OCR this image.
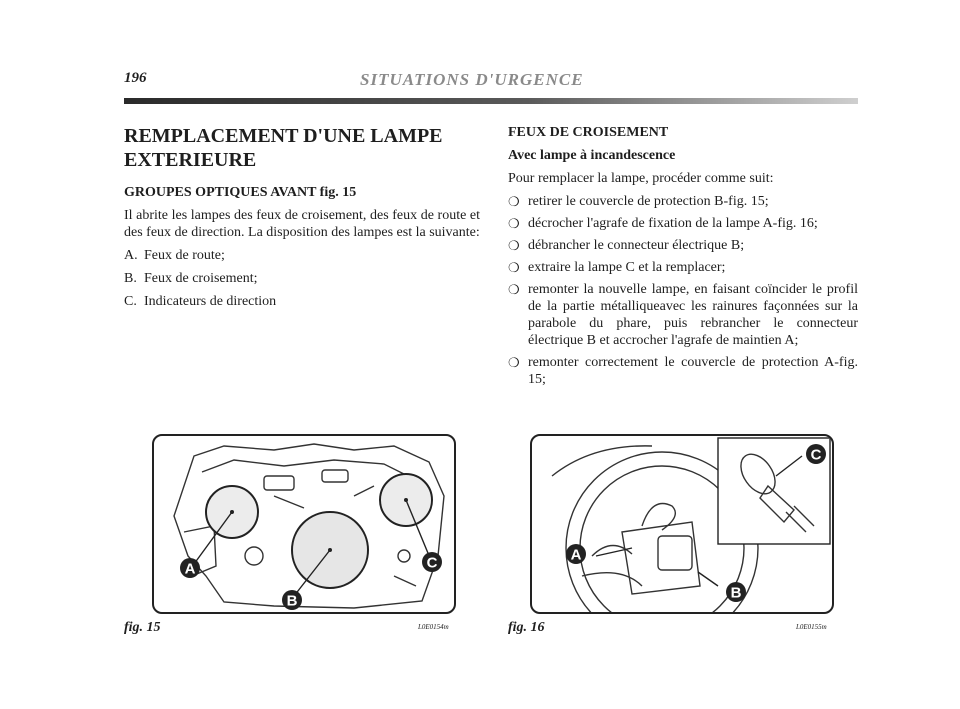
196	SITUATIONS D'URGENCE
REMPLACEMENT D'UNE LAMPE
EXTERIEURE

GROUPES OPTIQUES AVANT fig. 15

Il abrite les lampes des feux de croisement, des feux de route et des feux de direction. La disposition des lampes est la suivante:

A. Feux de route;
B. Feux de croisement;
C. Indicateurs de direction

FEUX DE CROISEMENT

Avec lampe à incandescence

Pour remplacer la lampe, procéder comme suit:

❍ retirer le couvercle de protection B-fig. 15;
❍ décrocher l'agrafe de fixation de la lampe A-fig. 16;
❍ débrancher le connecteur électrique B;
❍ extraire la lampe C et la remplacer;
❍ remonter la nouvelle lampe, en faisant coïncider le profil de la partie métalliqueavec les rainures façonnées sur la parabole du phare, puis rebrancher le connecteur électrique B et accrocher l'agrafe de maintien A;
❍ remonter correctement le couvercle de protection A-fig. 15;
A
B
C
fig. 15	L0E0154m
C
A
B
fig. 16	L0E0155m
